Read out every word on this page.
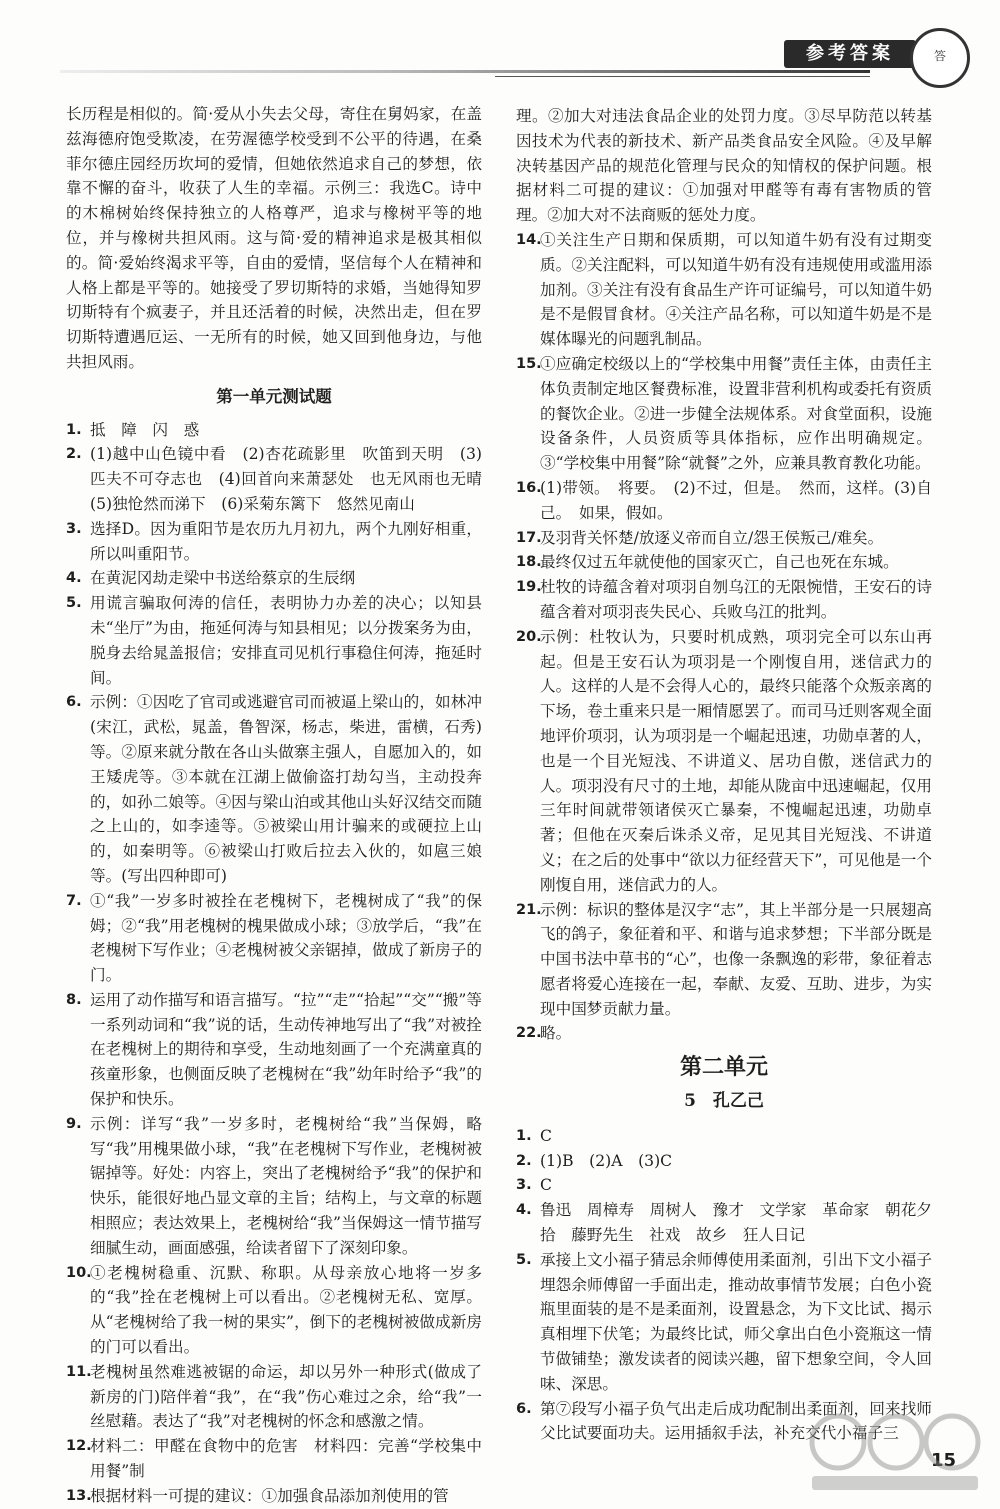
参考答案	答

长历程是相似的。简·爱从小失去父母，寄住在舅妈家，在盖兹海德府饱受欺凌，在劳渥德学校受到不公平的待遇，在桑菲尔德庄园经历坎坷的爱情，但她依然追求自己的梦想，依靠不懈的奋斗，收获了人生的幸福。示例三：我选C。诗中的木棉树始终保持独立的人格尊严，追求与橡树平等的地位，并与橡树共担风雨。这与简·爱的精神追求是极其相似的。简·爱始终渴求平等，自由的爱情，坚信每个人在精神和人格上都是平等的。她接受了罗切斯特的求婚，当她得知罗切斯特有个疯妻子，并且还活着的时候，决然出走，但在罗切斯特遭遇厄运、一无所有的时候，她又回到他身边，与他共担风雨。

第一单元测试题

1. 抵　障　闪　惑

2. (1)越中山色镜中看　(2)杏花疏影里　吹笛到天明　(3)匹夫不可夺志也　(4)回首向来萧瑟处　也无风雨也无晴　(5)独怆然而涕下　(6)采菊东篱下　悠然见南山

3. 选择D。因为重阳节是农历九月初九，两个九刚好相重，所以叫重阳节。

4. 在黄泥冈劫走梁中书送给蔡京的生辰纲

5. 用谎言骗取何涛的信任，表明协力办差的决心；以知县未“坐厅”为由，拖延何涛与知县相见；以分拨案务为由，脱身去给晁盖报信；安排直司见机行事稳住何涛，拖延时间。

6. 示例：①因吃了官司或逃避官司而被逼上梁山的，如林冲(宋江，武松，晁盖，鲁智深，杨志，柴进，雷横，石秀)等。②原来就分散在各山头做寨主强人，自愿加入的，如王矮虎等。③本就在江湖上做偷盗打劫勾当，主动投奔的，如孙二娘等。④因与梁山泊或其他山头好汉结交而随之上山的，如李逵等。⑤被梁山用计骗来的或硬拉上山的，如秦明等。⑥被梁山打败后拉去入伙的，如扈三娘等。(写出四种即可)

7. ①“我”一岁多时被拴在老槐树下，老槐树成了“我”的保姆；②“我”用老槐树的槐果做成小球；③放学后，“我”在老槐树下写作业；④老槐树被父亲锯掉，做成了新房子的门。

8. 运用了动作描写和语言描写。“拉”“走”“拾起”“交”“搬”等一系列动词和“我”说的话，生动传神地写出了“我”对被拴在老槐树上的期待和享受，生动地刻画了一个充满童真的孩童形象，也侧面反映了老槐树在“我”幼年时给予“我”的保护和快乐。

9. 示例：详写“我”一岁多时，老槐树给“我”当保姆，略写“我”用槐果做小球，“我”在老槐树下写作业，老槐树被锯掉等。好处：内容上，突出了老槐树给予“我”的保护和快乐，能很好地凸显文章的主旨；结构上，与文章的标题相照应；表达效果上，老槐树给“我”当保姆这一情节描写细腻生动，画面感强，给读者留下了深刻印象。

10.
①老槐树稳重、沉默、称职。从母亲放心地将一岁多的“我”拴在老槐树上可以看出。②老槐树无私、宽厚。从“老槐树给了我一树的果实”，倒下的老槐树被做成新房的门可以看出。

11.
老槐树虽然难逃被锯的命运，却以另外一种形式(做成了新房的门)陪伴着“我”，在“我”伤心难过之余，给“我”一丝慰藉。表达了“我”对老槐树的怀念和感激之情。

12.
材料二：甲醛在食物中的危害　材料四：完善“学校集中用餐”制

13.
根据材料一可提的建议：①加强食品添加剂使用的管

理。②加大对违法食品企业的处罚力度。③尽早防范以转基因技术为代表的新技术、新产品类食品安全风险。④及早解决转基因产品的规范化管理与民众的知情权的保护问题。根据材料二可提的建议：①加强对甲醛等有毒有害物质的管理。②加大对不法商贩的惩处力度。

14.
①关注生产日期和保质期，可以知道牛奶有没有过期变质。②关注配料，可以知道牛奶有没有违规使用或滥用添加剂。③关注有没有食品生产许可证编号，可以知道牛奶是不是假冒食材。④关注产品名称，可以知道牛奶是不是媒体曝光的问题乳制品。

15.
①应确定校级以上的“学校集中用餐”责任主体，由责任主体负责制定地区餐费标准，设置非营利机构或委托有资质的餐饮企业。②进一步健全法规体系。对食堂面积，设施设备条件，人员资质等具体指标，应作出明确规定。③“学校集中用餐”除“就餐”之外，应兼具教育教化功能。

16.
(1)带领。　将要。　(2)不过，但是。　然而，这样。(3)自己。　如果，假如。

17.
及羽背关怀楚/放逐义帝而自立/怨王侯叛己/难矣。

18.
最终仅过五年就使他的国家灭亡，自己也死在东城。

19.
杜牧的诗蕴含着对项羽自刎乌江的无限惋惜，王安石的诗蕴含着对项羽丧失民心、兵败乌江的批判。

20.
示例：杜牧认为，只要时机成熟，项羽完全可以东山再起。但是王安石认为项羽是一个刚愎自用，迷信武力的人。这样的人是不会得人心的，最终只能落个众叛亲离的下场，卷土重来只是一厢情愿罢了。而司马迁则客观全面地评价项羽，认为项羽是一个崛起迅速，功勋卓著的人，也是一个目光短浅、不讲道义、居功自傲，迷信武力的人。项羽没有尺寸的土地，却能从陇亩中迅速崛起，仅用三年时间就带领诸侯灭亡暴秦，不愧崛起迅速，功勋卓著；但他在灭秦后诛杀义帝，足见其目光短浅、不讲道义；在之后的处事中“欲以力征经营天下”，可见他是一个刚愎自用，迷信武力的人。

21.
示例：标识的整体是汉字“志”，其上半部分是一只展翅高飞的鸽子，象征着和平、和谐与追求梦想；下半部分既是中国书法中草书的“心”，也像一条飘逸的彩带，象征着志愿者将爱心连接在一起，奉献、友爱、互助、进步，为实现中国梦贡献力量。

22.
略。

第二单元
5　孔乙己

1. C

2. (1)B　(2)A　(3)C

3. C

4. 鲁迅　周樟寿　周树人　豫才　文学家　革命家　朝花夕拾　藤野先生　社戏　故乡　狂人日记

5. 承接上文小福子猜忌余师傅使用柔面剂，引出下文小福子埋怨余师傅留一手面出走，推动故事情节发展；白色小瓷瓶里面装的是不是柔面剂，设置悬念，为下文比试、揭示真相埋下伏笔；为最终比试，师父拿出白色小瓷瓶这一情节做铺垫；激发读者的阅读兴趣，留下想象空间，令人回味、深思。

6. 第⑦段写小福子负气出走后成功配制出柔面剂，回来找师父比试要面功夫。运用插叙手法，补充交代小福子三

15
